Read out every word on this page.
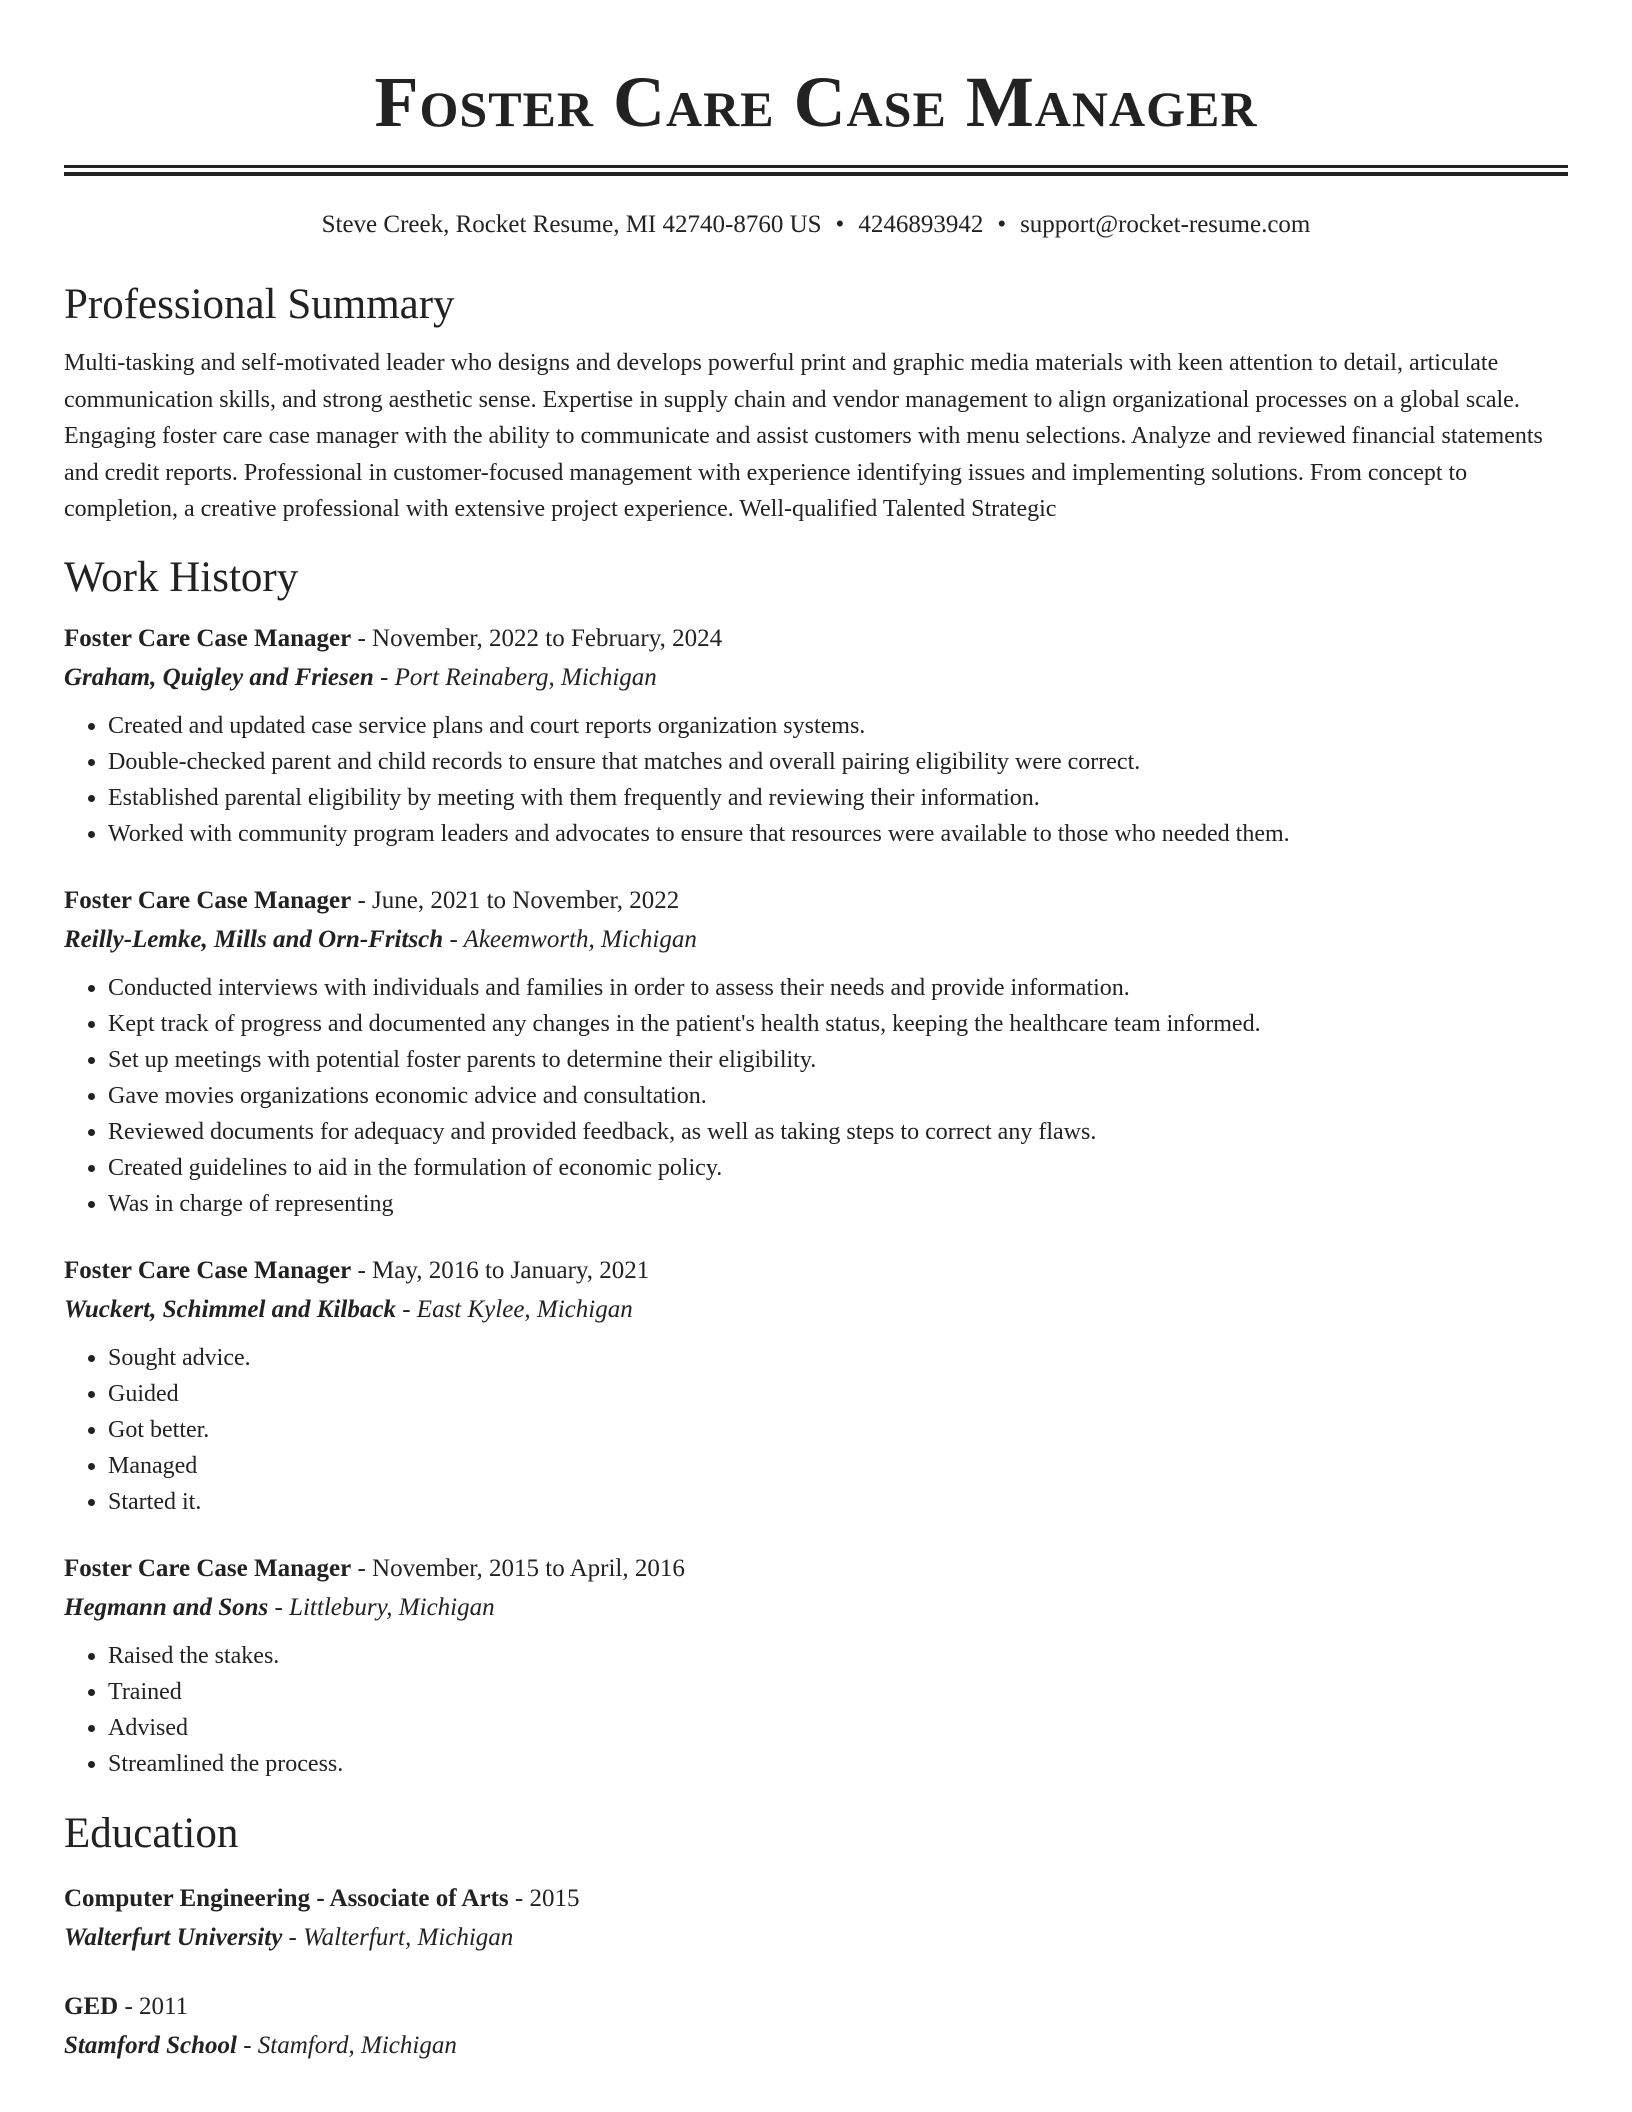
Foster Care Case Manager
Steve Creek, Rocket Resume, MI 42740-8760 US • 4246893942 • support@rocket-resume.com
Professional Summary
Multi-tasking and self-motivated leader who designs and develops powerful print and graphic media materials with keen attention to detail, articulate communication skills, and strong aesthetic sense. Expertise in supply chain and vendor management to align organizational processes on a global scale. Engaging foster care case manager with the ability to communicate and assist customers with menu selections. Analyze and reviewed financial statements and credit reports. Professional in customer-focused management with experience identifying issues and implementing solutions. From concept to completion, a creative professional with extensive project experience. Well-qualified Talented Strategic
Work History
Foster Care Case Manager - November, 2022 to February, 2024
Graham, Quigley and Friesen - Port Reinaberg, Michigan
• Created and updated case service plans and court reports organization systems.
• Double-checked parent and child records to ensure that matches and overall pairing eligibility were correct.
• Established parental eligibility by meeting with them frequently and reviewing their information.
• Worked with community program leaders and advocates to ensure that resources were available to those who needed them.
Foster Care Case Manager - June, 2021 to November, 2022
Reilly-Lemke, Mills and Orn-Fritsch - Akeemworth, Michigan
• Conducted interviews with individuals and families in order to assess their needs and provide information.
• Kept track of progress and documented any changes in the patient's health status, keeping the healthcare team informed.
• Set up meetings with potential foster parents to determine their eligibility.
• Gave movies organizations economic advice and consultation.
• Reviewed documents for adequacy and provided feedback, as well as taking steps to correct any flaws.
• Created guidelines to aid in the formulation of economic policy.
• Was in charge of representing
Foster Care Case Manager - May, 2016 to January, 2021
Wuckert, Schimmel and Kilback - East Kylee, Michigan
• Sought advice.
• Guided
• Got better.
• Managed
• Started it.
Foster Care Case Manager - November, 2015 to April, 2016
Hegmann and Sons - Littlebury, Michigan
• Raised the stakes.
• Trained
• Advised
• Streamlined the process.
Education
Computer Engineering - Associate of Arts - 2015
Walterfurt University - Walterfurt, Michigan
GED - 2011
Stamford School - Stamford, Michigan
